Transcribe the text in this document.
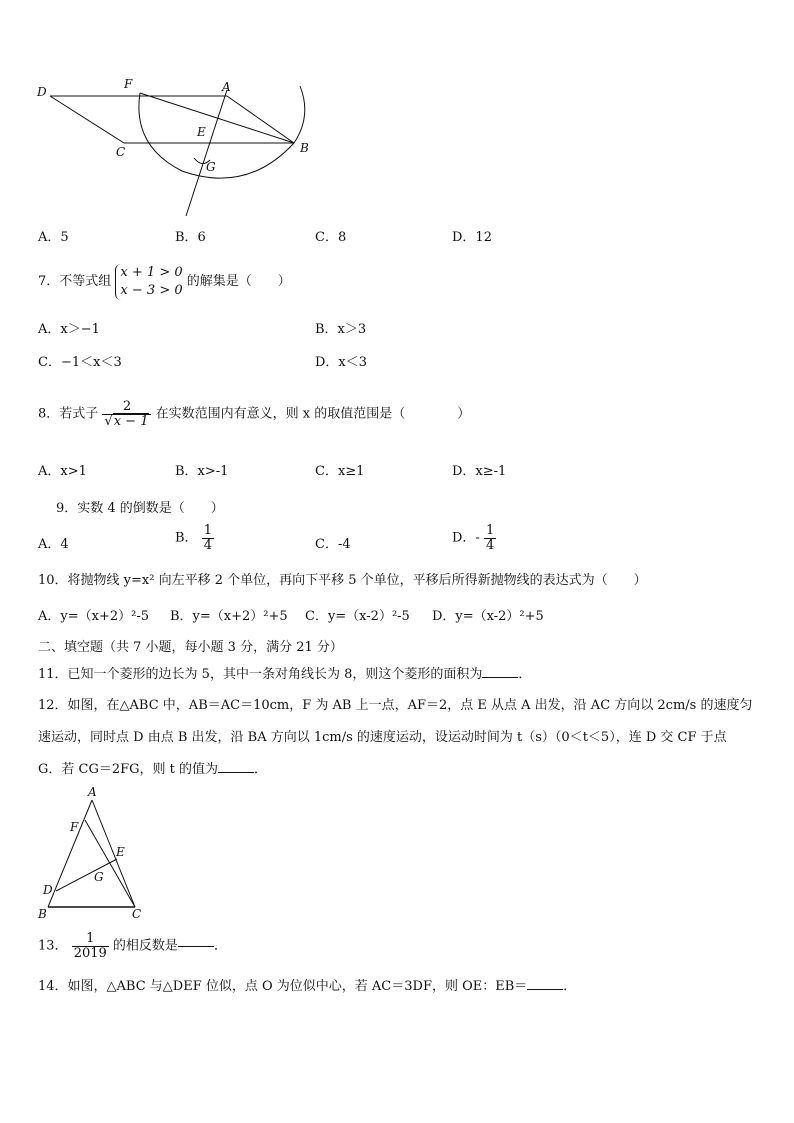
D
F	A
E
C	B
G
A．5	B．6	C．8	D．12
7．不等式组
x + 1 > 0
x − 3 > 0
的解集是（　　）
A．x＞−1	B．x＞3
C．−1＜x＜3	D．x＜3
8．若式子 $\frac{2}{√x - 1}$ 在实数范围内有意义，则 x 的取值范围是（　　　　）
A．x>1	B．x>-1	C．x≥1	D．x≥-1
9．实数 4 的倒数是（　　）
A．4	B． $\frac{1}{4}$	C．-4	D．- $\frac{1}{4}$
10．将抛物线 y=x² 向左平移 2 个单位，再向下平移 5 个单位，平移后所得新抛物线的表达式为（　　）
A．y=（x+2）²-5 B．y=（x+2）²+5 C．y=（x-2）²-5 D．y=（x-2）²+5
二、填空题（共 7 小题，每小题 3 分，满分 21 分）
11．已知一个菱形的边长为 5，其中一条对角线长为 8，则这个菱形的面积为	．
12．如图，在△ABC 中，AB＝AC＝10cm，F 为 AB 上一点，AF＝2，点 E 从点 A 出发，沿 AC 方向以 2cm/s 的速度匀
速运动，同时点 D 由点 B 出发，沿 BA 方向以 1cm/s 的速度运动，设运动时间为 t（s）（0＜t＜5），连 D 交 CF 于点
G．若 CG＝2FG，则 t 的值为	．
A
F
E
G
D
B	C
13． $\frac{1}{2019}$ 的相反数是	．
14．如图，△ABC 与△DEF 位似，点 O 为位似中心，若 AC＝3DF，则 OE：EB＝	．
